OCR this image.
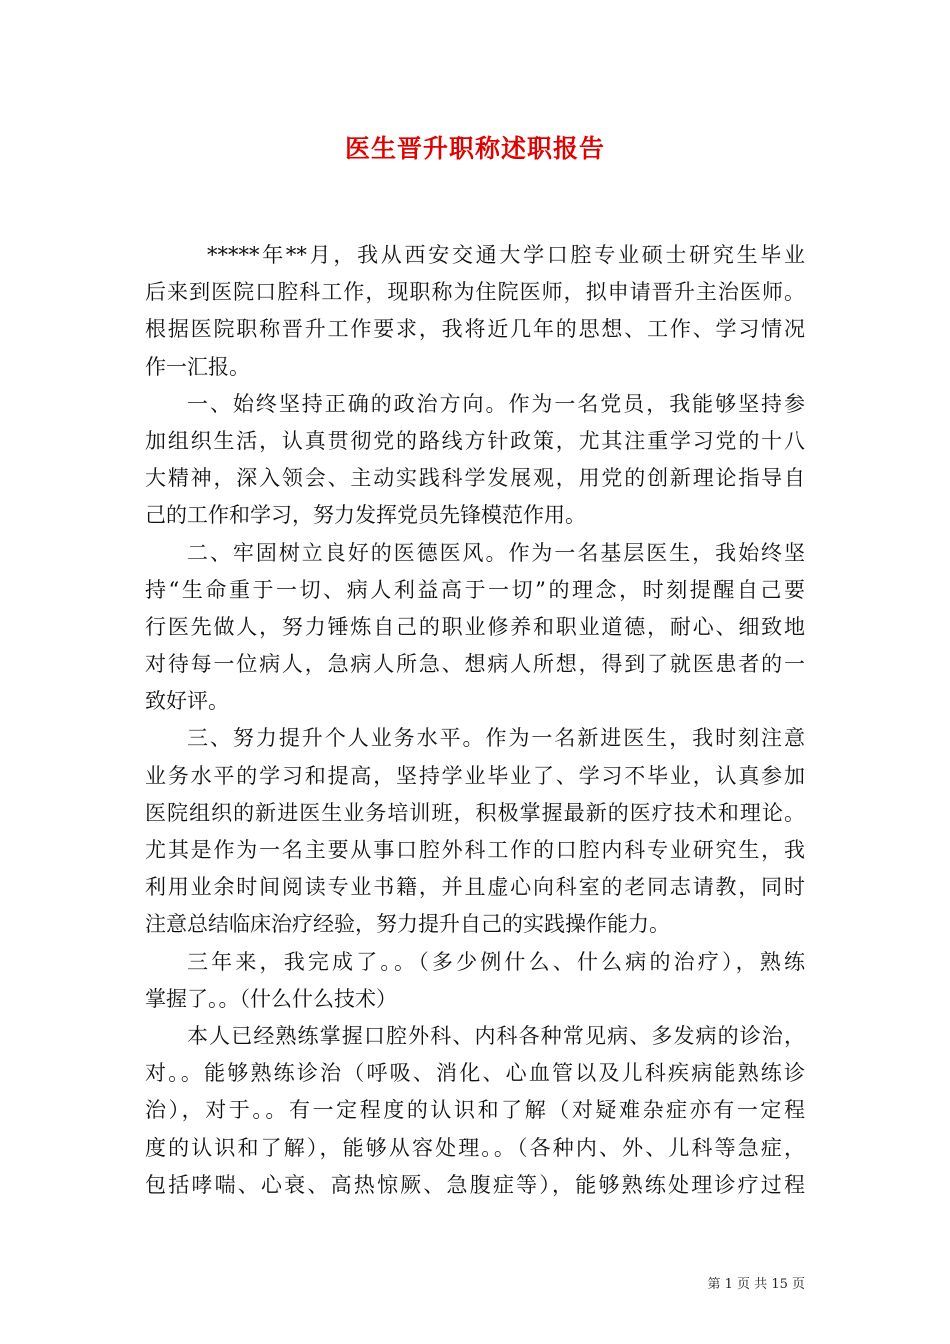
医生晋升职称述职报告
*****年**月，我从西安交通大学口腔专业硕士研究生毕业
后来到医院口腔科工作，现职称为住院医师，拟申请晋升主治医师。
根据医院职称晋升工作要求，我将近几年的思想、工作、学习情况
作一汇报。
一、始终坚持正确的政治方向。作为一名党员，我能够坚持参
加组织生活，认真贯彻党的路线方针政策，尤其注重学习党的十八
大精神，深入领会、主动实践科学发展观，用党的创新理论指导自
己的工作和学习，努力发挥党员先锋模范作用。
二、牢固树立良好的医德医风。作为一名基层医生，我始终坚
持“生命重于一切、病人利益高于一切”的理念，时刻提醒自己要
行医先做人，努力锤炼自己的职业修养和职业道德，耐心、细致地
对待每一位病人，急病人所急、想病人所想，得到了就医患者的一
致好评。
三、努力提升个人业务水平。作为一名新进医生，我时刻注意
业务水平的学习和提高，坚持学业毕业了、学习不毕业，认真参加
医院组织的新进医生业务培训班，积极掌握最新的医疗技术和理论。
尤其是作为一名主要从事口腔外科工作的口腔内科专业研究生，我
利用业余时间阅读专业书籍，并且虚心向科室的老同志请教，同时
注意总结临床治疗经验，努力提升自己的实践操作能力。
三年来，我完成了。。（多少例什么、什么病的治疗），熟练
掌握了。。（什么什么技术）
本人已经熟练掌握口腔外科、内科各种常见病、多发病的诊治，
对。。能够熟练诊治（呼吸、消化、心血管以及儿科疾病能熟练诊
治），对于。。有一定程度的认识和了解（对疑难杂症亦有一定程
度的认识和了解），能够从容处理。。（各种内、外、儿科等急症，
包括哮喘、心衰、高热惊厥、急腹症等），能够熟练处理诊疗过程
第 1 页 共 15 页
